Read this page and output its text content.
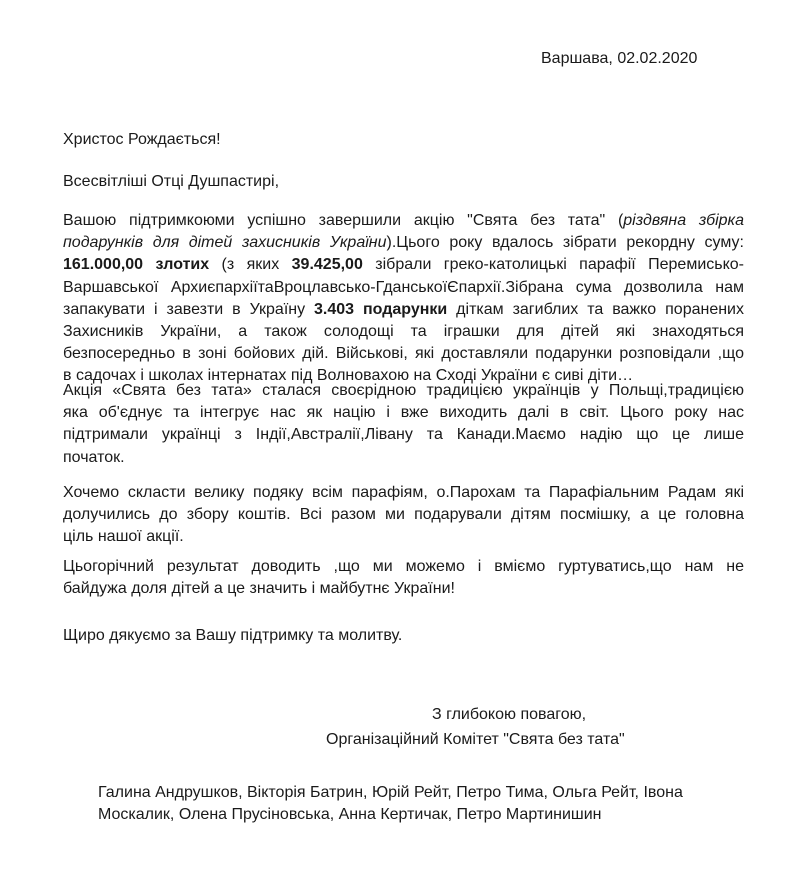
Варшава, 02.02.2020
Христос Рождається!
Всесвітліші Отці Душпастирі,
Вашою підтримкоюми успішно завершили акцію "Свята без тата" (різдвяна збірка
подарунків для дітей захисників України).Цього року вдалось зібрати рекордну суму:
161.000,00 злотих (з яких 39.425,00 зібрали греко-католицькі парафії Перемисько-
Варшавської АрхиєпархіїтаВроцлавсько-ГданськоїЄпархії.Зібрана сума дозволила нам
запакувати і завезти в Україну 3.403 подарунки діткам загиблих та важко поранених
Захисників України, а також солодощі та іграшки для дітей які знаходяться
безпосередньо в зоні бойових дій. Військові, які доставляли подарунки розповідали ,що
в садочах і школах інтернатах під Волновахою на Сході України є сиві діти…
Акція «Свята без тата» сталася своєрідною традицією українців у Польщі,традицією
яка об'єднує та інтегрує нас як націю і вже виходить далі в світ. Цього року нас
підтримали українці з Індії,Австралії,Лівану та Канади.Маємо надію що це лише
початок.
Хочемо скласти велику подяку всім парафіям, о.Парохам та Парафіальним Радам які
долучились до збору коштів. Всі разом ми подарували дітям посмішку, а це головна
ціль нашої акції.
Цьогорічний результат доводить ,що ми можемо і вміємо гуртуватись,що нам не
байдужа доля дітей а це значить і майбутнє України!
Щиро дякуємо за Вашу підтримку та молитву.
З глибокою повагою,
Організаційний Комітет "Свята без тата"
Галина Андрушков, Вікторія Батрин, Юрій Рейт, Петро Тима, Ольга Рейт, Івона
Москалик, Олена Прусіновська, Анна Кертичак, Петро Мартинишин
